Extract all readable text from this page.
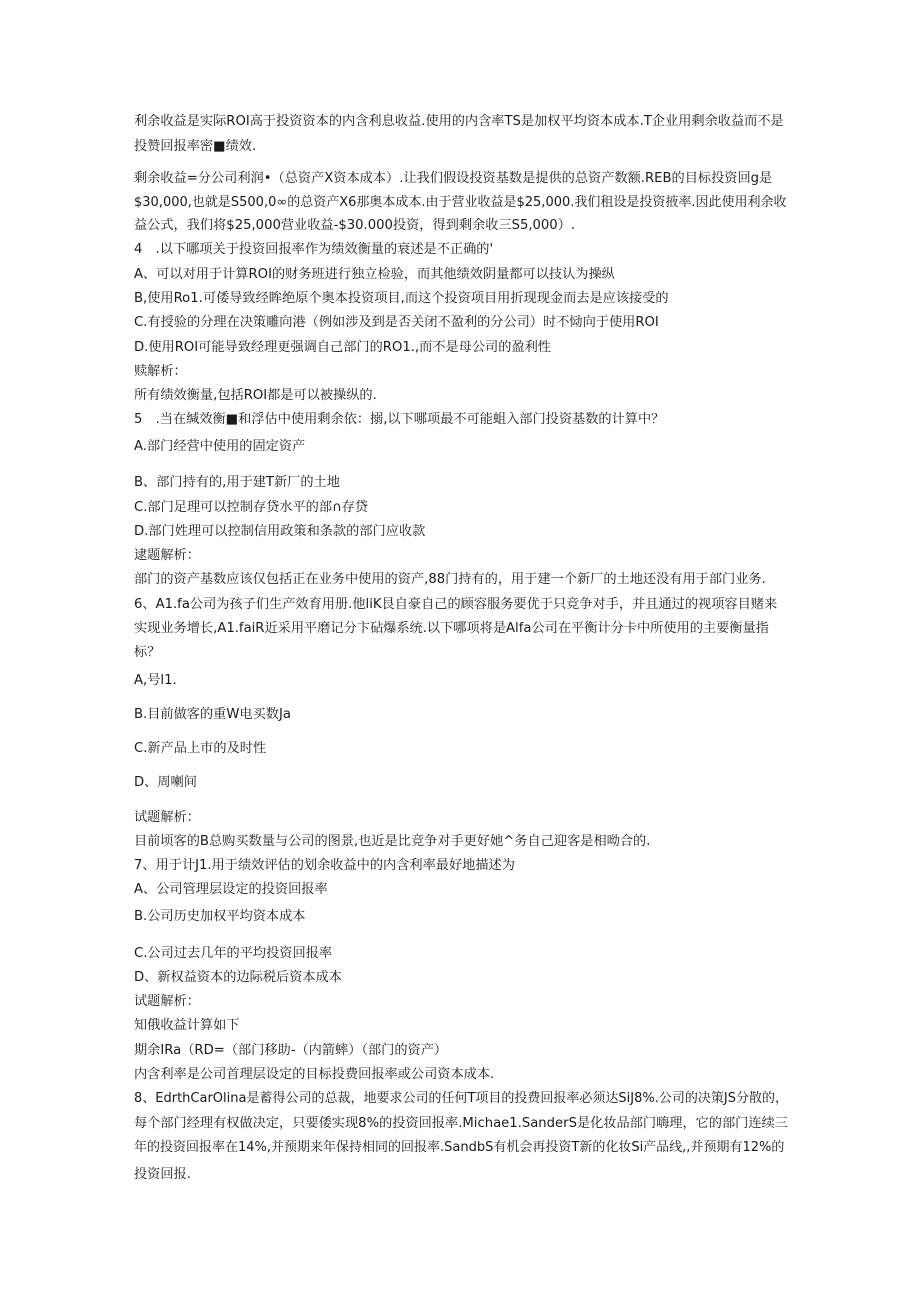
利余收益是实际ROI高于投资资本的内含利息收益.使用的内含率TS是加权平均资本成本.T企业用剩余收益而不是

投赞回报率密■绩效.

剩余收益=分公司利润•（总资产X资本成本）.让我们假设投资基数是提供的总资产数额.REB的目标投资回g是

$30,000,也就是S500,0∞的总资产X6那奥本成本.由于营业收益是$25,000.我们租设是投资掖率.因此使用利余收

益公式，我们将$25,000营业收益-$30.000投资，得到剩余收三S5,000）.

4　.以下哪项关于投资回报率作为绩效衡量的衰述是不正确的'

A、可以对用于计算ROI的财务班进行独立检验，而其他绩效阴量都可以技认为操纵

B,使用Ro1.可倭导致经眸绝原个奥本投资项目,而这个投资项目用折现现金而去是应该接受的

C.有授验的分理在决策雕向港（例如涉及到是否关闭不盈利的分公司）时不恸向于使用ROI

D.使用ROI可能导致经理更强调自己部门的RO1.,而不是母公司的盈利性

赎解析：

所有绩效衡量,包括ROI都是可以被操纵的.

5　.当在缄效衡■和浮估中使用剩余依：搦,以下哪项最不可能蛆入部门投资基数的计算中？

A.部门经营中使用的固定资产

B、部门持有的,用于建T新厂的土地

C.部门足理可以控制存贷水平的部∩存贷

D.部门姓理可以控制信用政策和条款的部门应收款

逮题解析：

部门的资产基数应该仅包括正在业务中使用的资产,88门持有的，用于建一个新厂的土地还没有用于部门业务.

6、A1.fa公司为孩子们生产效育用册.他liK艮自豪自己的顾容服务要优于只竞争对手，并且通过的视项容目赌来

实现业务增长,A1.faiR近采用平磨记分卞砧爆系统.以下哪项将是Alfa公司在平衡计分卡中所使用的主要衡量指

标？

A,号l1.

B.目前做客的重W电买数Ja

C.新产品上市的及时性

D、周喇间

试题解析：

目前顷客的B总购买数量与公司的图景,也近是比竞争对手更好她^务自己迎客是相呦合的.

7、用于计J1.用于绩效评估的划余收益中的内含利率最好地描述为

A、公司管理层设定的投资回报率

B.公司历史加权平均资本成本

C.公司过去几年的平均投资回报率

D、新权益资本的边际税后资本成本

试题解析：

知俄收益计算如下

期余IRa（RD=（部门移助-（内箭蟀）（部门的资产）

内含利率是公司首理层设定的目标投费回报率或公司资本成本.

8、EdrthCarOlina是蓄得公司的总裁，地要求公司的任何T项目的投费回报率必须达SiJ8%.公司的决策JS分散的，

每个部门经理有权做决定，只要倭实现8%的投资回报率.Michae1.SanderS是化妆品部门嗨理，它的部门连续三

年的投资回报率在14%,并预期来年保持相同的回报率.SandbS有机会再投资T新的化妆Si产品线,,并预期有12%的

投资回报.
